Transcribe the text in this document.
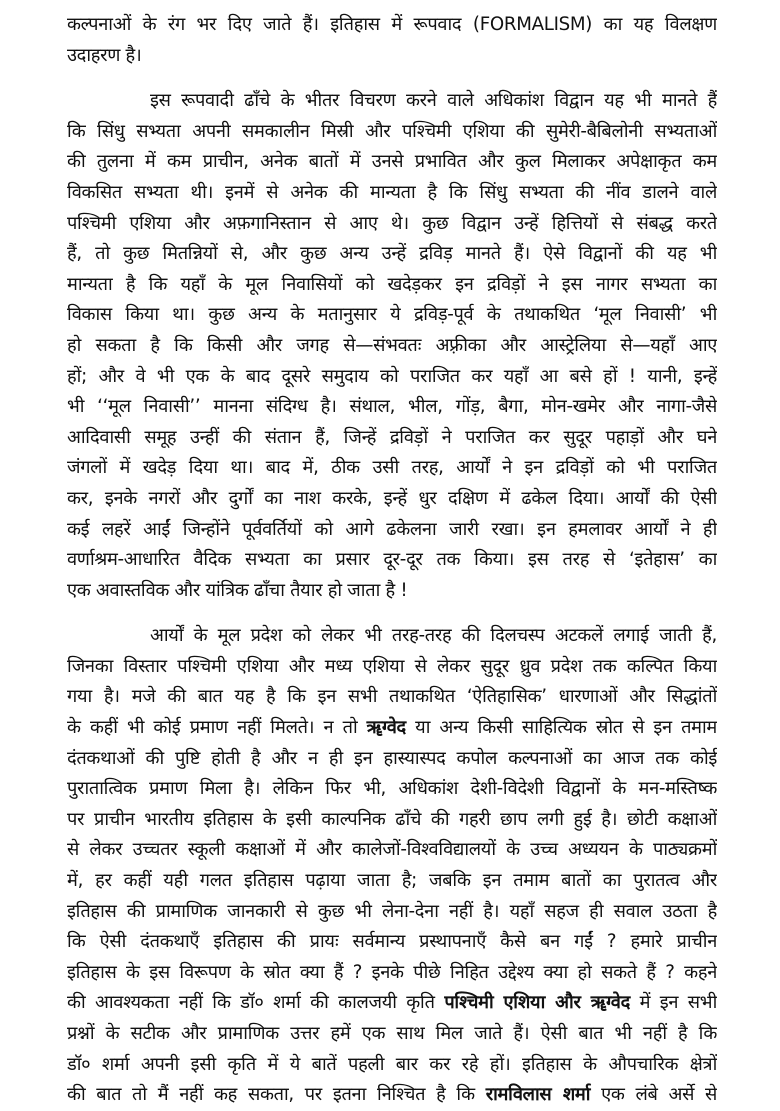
कल्पनाओं के रंग भर दिए जाते हैं। इतिहास में रूपवाद (FORMALISM) का यह विलक्षण
उदाहरण है।
इस रूपवादी ढाँचे के भीतर विचरण करने वाले अधिकांश विद्वान यह भी मानते हैं
कि सिंधु सभ्यता अपनी समकालीन मिस्री और पश्चिमी एशिया की सुमेरी-बैबिलोनी सभ्यताओं
की तुलना में कम प्राचीन, अनेक बातों में उनसे प्रभावित और कुल मिलाकर अपेक्षाकृत कम
विकसित सभ्यता थी। इनमें से अनेक की मान्यता है कि सिंधु सभ्यता की नींव डालने वाले
पश्चिमी एशिया और अफ़गानिस्तान से आए थे। कुछ विद्वान उन्हें हित्तियों से संबद्ध करते
हैं, तो कुछ मितन्नियों से, और कुछ अन्य उन्हें द्रविड़ मानते हैं। ऐसे विद्वानों की यह भी
मान्यता है कि यहाँ के मूल निवासियों को खदेड़कर इन द्रविड़ों ने इस नागर सभ्यता का
विकास किया था। कुछ अन्य के मतानुसार ये द्रविड़-पूर्व के तथाकथित ‘मूल निवासी’ भी
हो सकता है कि किसी और जगह से—संभवतः अफ़्रीका और आस्ट्रेलिया से—यहाँ आए
हों; और वे भी एक के बाद दूसरे समुदाय को पराजित कर यहाँ आ बसे हों ! यानी, इन्हें
भी ‘‘मूल निवासी’’ मानना संदिग्ध है। संथाल, भील, गोंड़, बैगा, मोन-खमेर और नागा-जैसे
आदिवासी समूह उन्हीं की संतान हैं, जिन्हें द्रविड़ों ने पराजित कर सुदूर पहाड़ों और घने
जंगलों में खदेड़ दिया था। बाद में, ठीक उसी तरह, आर्यों ने इन द्रविड़ों को भी पराजित
कर, इनके नगरों और दुर्गों का नाश करके, इन्हें धुर दक्षिण में ढकेल दिया। आर्यों की ऐसी
कई लहरें आईं जिन्होंने पूर्ववर्तियों को आगे ढकेलना जारी रखा। इन हमलावर आर्यों ने ही
वर्णाश्रम-आधारित वैदिक सभ्यता का प्रसार दूर-दूर तक किया। इस तरह से ‘इतेहास’ का
एक अवास्तविक और यांत्रिक ढाँचा तैयार हो जाता है !
आर्यों के मूल प्रदेश को लेकर भी तरह-तरह की दिलचस्प अटकलें लगाई जाती हैं,
जिनका विस्तार पश्चिमी एशिया और मध्य एशिया से लेकर सुदूर ध्रुव प्रदेश तक कल्पित किया
गया है। मजे की बात यह है कि इन सभी तथाकथित ‘ऐतिहासिक’ धारणाओं और सिद्धांतों
के कहीं भी कोई प्रमाण नहीं मिलते। न तो ॠग्वेद या अन्य किसी साहित्यिक स्रोत से इन तमाम
दंतकथाओं की पुष्टि होती है और न ही इन हास्यास्पद कपोल कल्पनाओं का आज तक कोई
पुरातात्विक प्रमाण मिला है। लेकिन फिर भी, अधिकांश देशी-विदेशी विद्वानों के मन-मस्तिष्क
पर प्राचीन भारतीय इतिहास के इसी काल्पनिक ढाँचे की गहरी छाप लगी हुई है। छोटी कक्षाओं
से लेकर उच्चतर स्कूली कक्षाओं में और कालेजों-विश्वविद्यालयों के उच्च अध्ययन के पाठ्यक्रमों
में, हर कहीं यही गलत इतिहास पढ़ाया जाता है; जबकि इन तमाम बातों का पुरातत्व और
इतिहास की प्रामाणिक जानकारी से कुछ भी लेना-देना नहीं है। यहाँ सहज ही सवाल उठता है
कि ऐसी दंतकथाएँ इतिहास की प्रायः सर्वमान्य प्रस्थापनाएँ कैसे बन गईं ? हमारे प्राचीन
इतिहास के इस विरूपण के स्रोत क्या हैं ? इनके पीछे निहित उद्देश्य क्या हो सकते हैं ? कहने
की आवश्यकता नहीं कि डॉ० शर्मा की कालजयी कृति पश्चिमी एशिया और ॠग्वेद में इन सभी
प्रश्नों के सटीक और प्रामाणिक उत्तर हमें एक साथ मिल जाते हैं। ऐसी बात भी नहीं है कि
डॉ० शर्मा अपनी इसी कृति में ये बातें पहली बार कर रहे हों। इतिहास के औपचारिक क्षेत्रों
की बात तो मैं नहीं कह सकता, पर इतना निश्चित है कि रामविलास शर्मा एक लंबे अर्से से
